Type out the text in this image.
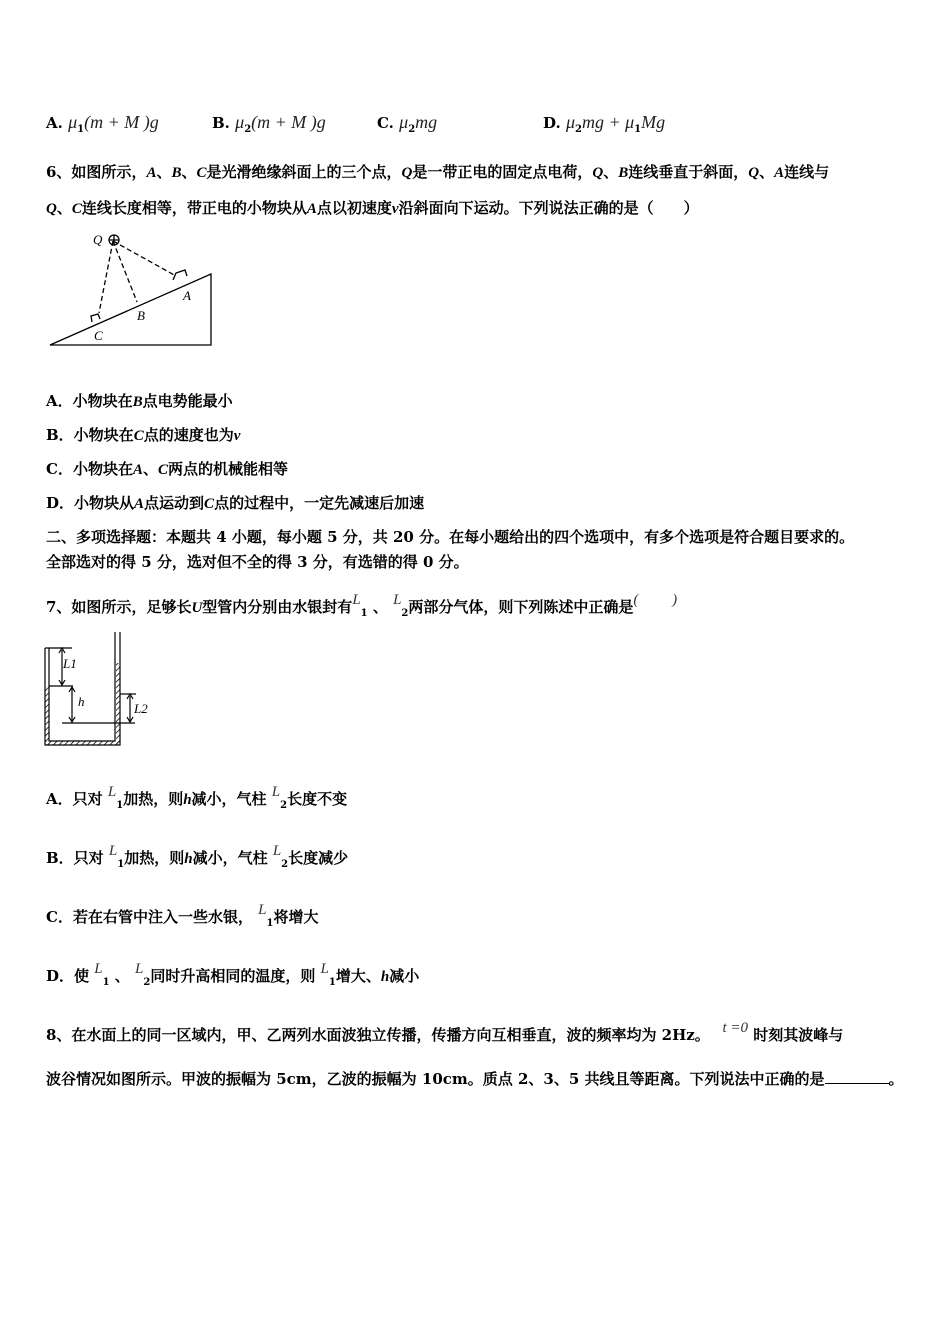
A. $\mu_1(m + M$ )g	B. $\mu_2(m + M$ )g	C. $\mu_2mg$	D. $\mu_2mg + \mu_1Mg$
6、如图所示，A、B、C是光滑绝缘斜面上的三个点，Q是一带正电的固定点电荷，Q、B连线垂直于斜面，Q、A连线与
Q、C连线长度相等，带正电的小物块从A点以初速度v沿斜面向下运动。下列说法正确的是（　　）
Q
A
B
C
A．小物块在B点电势能最小
B．小物块在C点的速度也为v
C．小物块在A、C两点的机械能相等
D．小物块从A点运动到C点的过程中，一定先减速后加速
二、多项选择题：本题共 4 小题，每小题 5 分，共 20 分。在每小题给出的四个选项中，有多个选项是符合题目要求的。
全部选对的得 5 分，选对但不全的得 3 分，有选错的得 0 分。
7、如图所示，足够长U型管内分别由水银封有$L_1$ 、 $L_2$两部分气体，则下列陈述中正确是(　　 )
L1
h	L2
A．只对 $L_1$加热，则h减小，气柱 $L_2$长度不变
B．只对 $L_1$加热，则h减小，气柱 $L_2$长度减少
C．若在右管中注入一些水银， $L_1$将增大
D．使 $L_1$ 、 $L_2$同时升高相同的温度，则 $L_1$增大、h减小
8、在水面上的同一区域内，甲、乙两列水面波独立传播，传播方向互相垂直，波的频率均为 2Hz。　 t =0 时刻其波峰与
波谷情况如图所示。甲波的振幅为 5cm，乙波的振幅为 10cm。质点 2、3、5 共线且等距离。下列说法中正确的是	。
